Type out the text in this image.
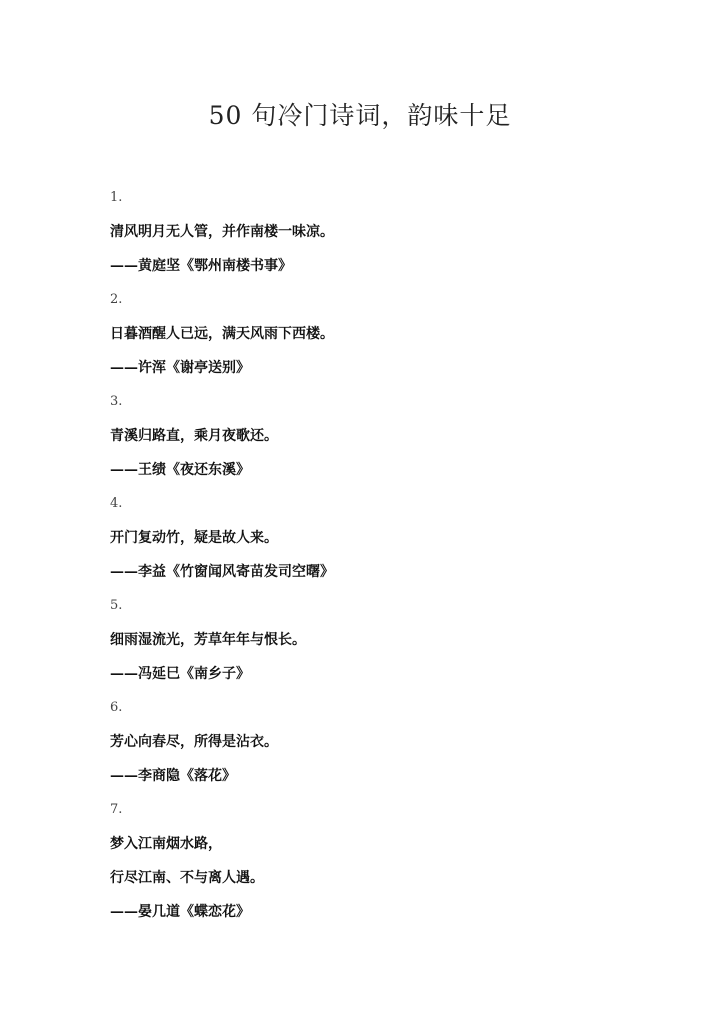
50 句冷门诗词，韵味十足
1.
清风明月无人管，并作南楼一味凉。
——黄庭坚《鄂州南楼书事》
2.
日暮酒醒人已远，满天风雨下西楼。
——许浑《谢亭送别》
3.
青溪归路直，乘月夜歌还。
——王绩《夜还东溪》
4.
开门复动竹，疑是故人来。
——李益《竹窗闻风寄苗发司空曙》
5.
细雨湿流光，芳草年年与恨长。
——冯延巳《南乡子》
6.
芳心向春尽，所得是沾衣。
——李商隐《落花》
7.
梦入江南烟水路，
行尽江南、不与离人遇。
——晏几道《蝶恋花》
